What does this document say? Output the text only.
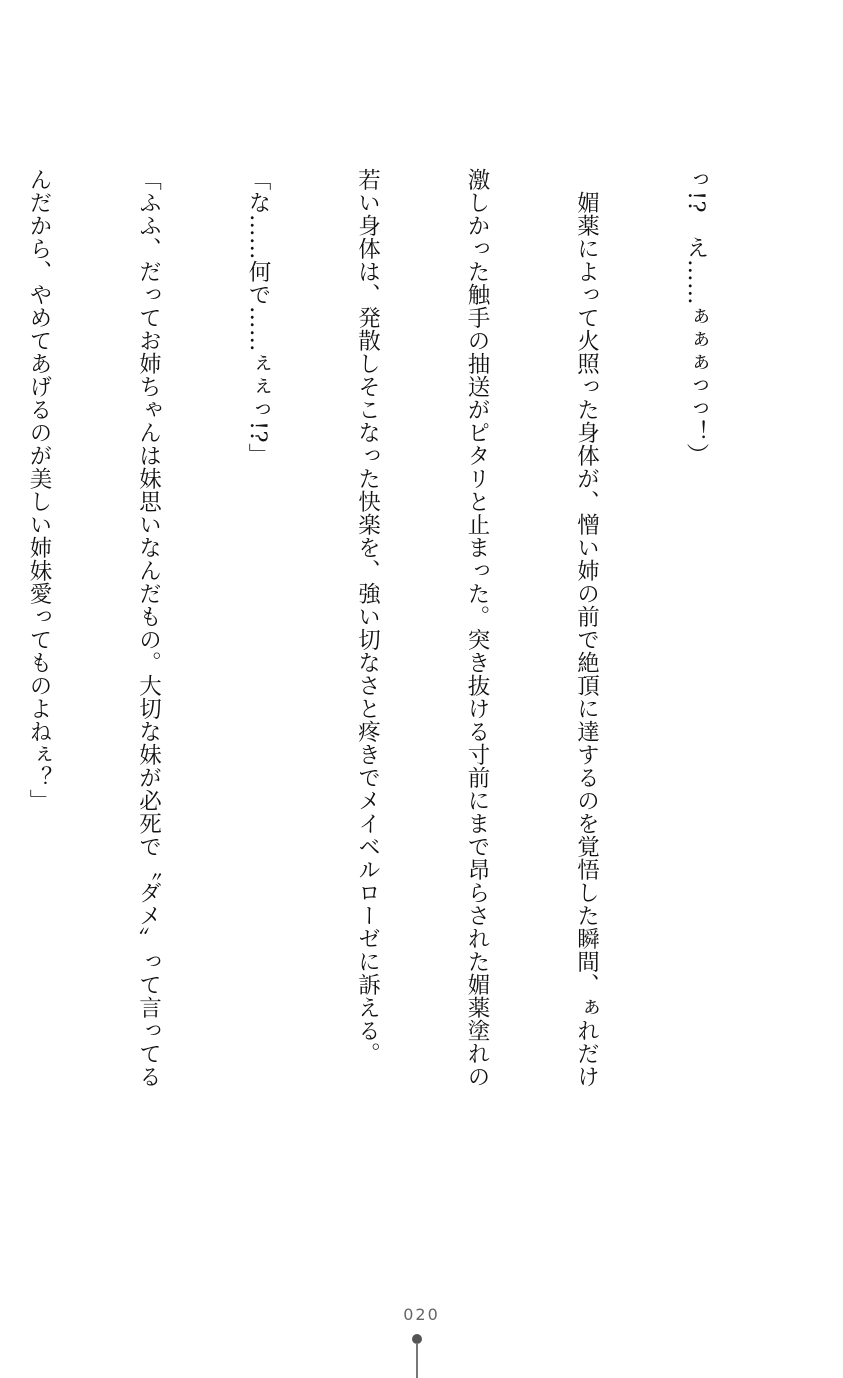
っ!?　え……ぁぁぁっっ！）

　媚薬によって火照った身体が、憎い姉の前で絶頂に達するのを覚悟した瞬間、ぁれだけ

激しかった触手の抽送がピタリと止まった。突き抜ける寸前にまで昂らされた媚薬塗れの

若い身体は、発散しそこなった快楽を、強い切なさと疼きでメイベルローゼに訴える。

「な……何で……ぇぇっ!?」

「ふふ、だってお姉ちゃんは妹思いなんだもの。大切な妹が必死で〝ダメ〟って言ってる

んだから、やめてあげるのが美しい姉妹愛ってものよねぇ？」

020
